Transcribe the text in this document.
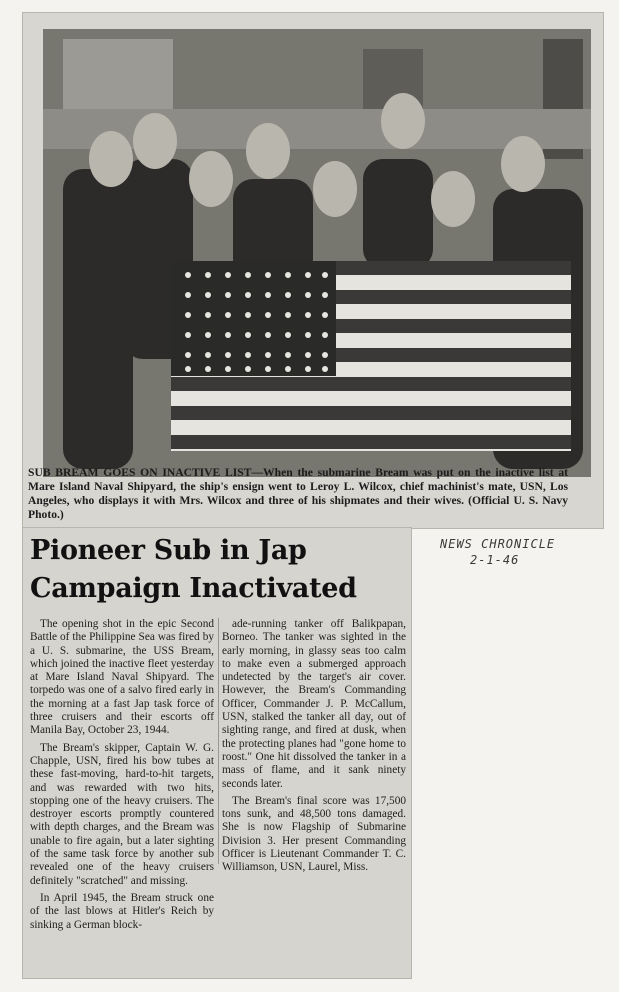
SUB BREAM GOES ON INACTIVE LIST—When the submarine Bream was put on the inactive list at Mare Island Naval Shipyard, the ship's ensign went to Leroy L. Wilcox, chief machinist's mate, USN, Los Angeles, who displays it with Mrs. Wilcox and three of his shipmates and their wives. (Official U. S. Navy Photo.)
NEWS CHRONICLE
2-1-46
Pioneer Sub in Jap
Campaign Inactivated

The opening shot in the epic Second Battle of the Philippine Sea was fired by a U. S. submarine, the USS Bream, which joined the inactive fleet yesterday at Mare Island Naval Shipyard. The torpedo was one of a salvo fired early in the morning at a fast Jap task force of three cruisers and their escorts off Manila Bay, October 23, 1944.

The Bream's skipper, Captain W. G. Chapple, USN, fired his bow tubes at these fast-moving, hard-to-hit targets, and was rewarded with two hits, stopping one of the heavy cruisers. The destroyer escorts promptly countered with depth charges, and the Bream was unable to fire again, but a later sighting of the same task force by another sub revealed one of the heavy cruisers definitely "scratched" and missing.

In April 1945, the Bream struck one of the last blows at Hitler's Reich by sinking a German block-

ade-running tanker off Balikpapan, Borneo. The tanker was sighted in the early morning, in glassy seas too calm to make even a submerged approach undetected by the target's air cover. However, the Bream's Commanding Officer, Commander J. P. McCallum, USN, stalked the tanker all day, out of sighting range, and fired at dusk, when the protecting planes had "gone home to roost." One hit dissolved the tanker in a mass of flame, and it sank ninety seconds later.

The Bream's final score was 17,500 tons sunk, and 48,500 tons damaged. She is now Flagship of Submarine Division 3. Her present Commanding Officer is Lieutenant Commander T. C. Williamson, USN, Laurel, Miss.
